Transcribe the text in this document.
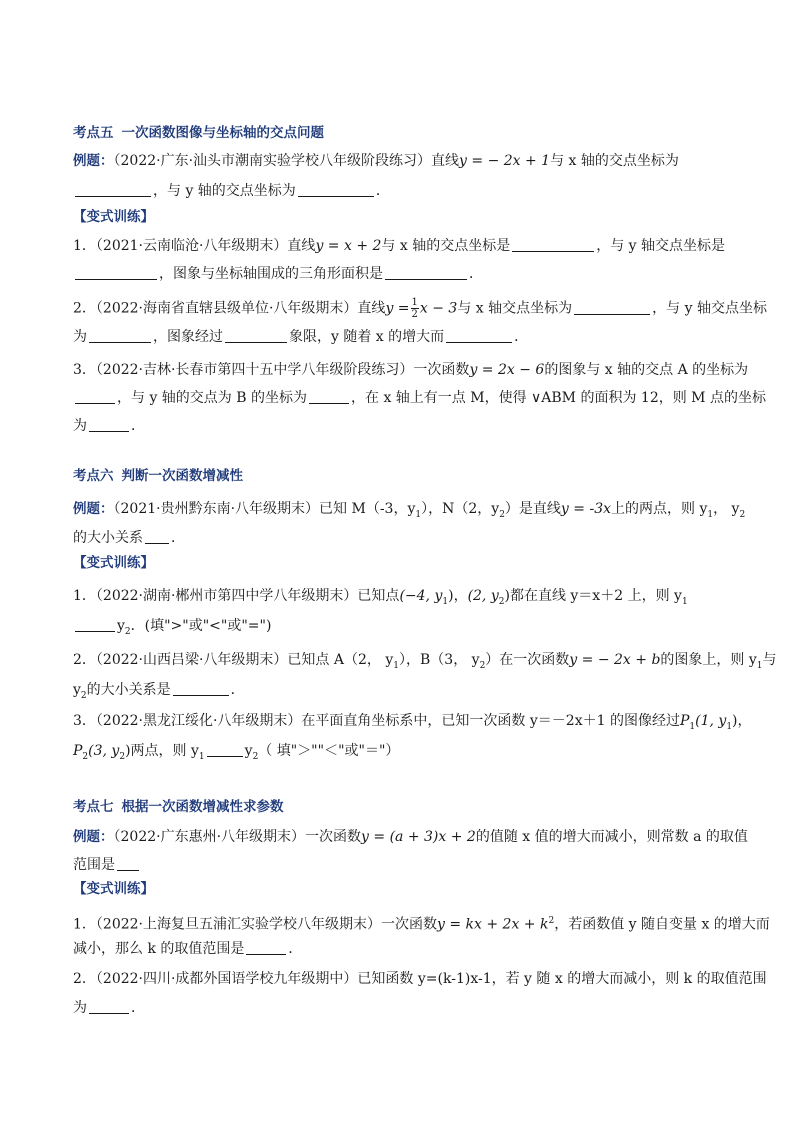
考点五 一次函数图像与坐标轴的交点问题
例题：（2022·广东·汕头市潮南实验学校八年级阶段练习）直线y = − 2x + 1与 x 轴的交点坐标为
，与 y 轴的交点坐标为	．
【变式训练】
1．（2021·云南临沧·八年级期末）直线y = x + 2与 x 轴的交点坐标是	，与 y 轴交点坐标是
，图象与坐标轴围成的三角形面积是	．
2．（2022·海南省直辖县级单位·八年级期末）直线$y = \frac{1}{2}$ x − 3与 x 轴交点坐标为	，与 y 轴交点坐标
为	，图象经过	象限，y 随着 x 的增大而	．
3．（2022·吉林·长春市第四十五中学八年级阶段练习）一次函数y = 2x − 6的图象与 x 轴的交点 A 的坐标为
，与 y 轴的交点为 B 的坐标为	，在 x 轴上有一点 M，使得 ∨ABM 的面积为 12，则 M 点的坐标
为	．
考点六 判断一次函数增减性
例题：（2021·贵州黔东南·八年级期末）已知 M（-3，$y_1$），N（2，$y_2$）是直线y = -3x上的两点，则 $y_1$， $y_2$
的大小关系 ．
【变式训练】
1．（2022·湖南·郴州市第四中学八年级期末）已知点(−4, $y_1$)，(2, $y_2$)都在直线 y＝x＋2 上，则 $y_1$
$y_2$．(填">"或"<"或"=")
2．（2022·山西吕梁·八年级期末）已知点 A（2， $y_1$），B（3， $y_2$）在一次函数y = − 2x + b的图象上，则 $y_1$与
$y_2$的大小关系是	．
3．（2022·黑龙江绥化·八年级期末）在平面直角坐标系中，已知一次函数 y＝－2x＋1 的图像经过$P_1(1$, $y_1$)，
$P_2(3$, $y_2$)两点，则 $y_1$	$y_2$（ 填"＞""＜"或"＝"）
考点七 根据一次函数增减性求参数
例题：（2022·广东惠州·八年级期末）一次函数y = (a + 3)x + 2的值随 x 值的增大而减小，则常数 a 的取值
范围是
【变式训练】
1．（2022·上海复旦五浦汇实验学校八年级期末）一次函数y = kx + $2x + k^2$，若函数值 y 随自变量 x 的增大而
减小，那么 k 的取值范围是	．
2．（2022·四川·成都外国语学校九年级期中）已知函数 y=(k-1)x-1，若 y 随 x 的增大而减小，则 k 的取值范围
为	．
